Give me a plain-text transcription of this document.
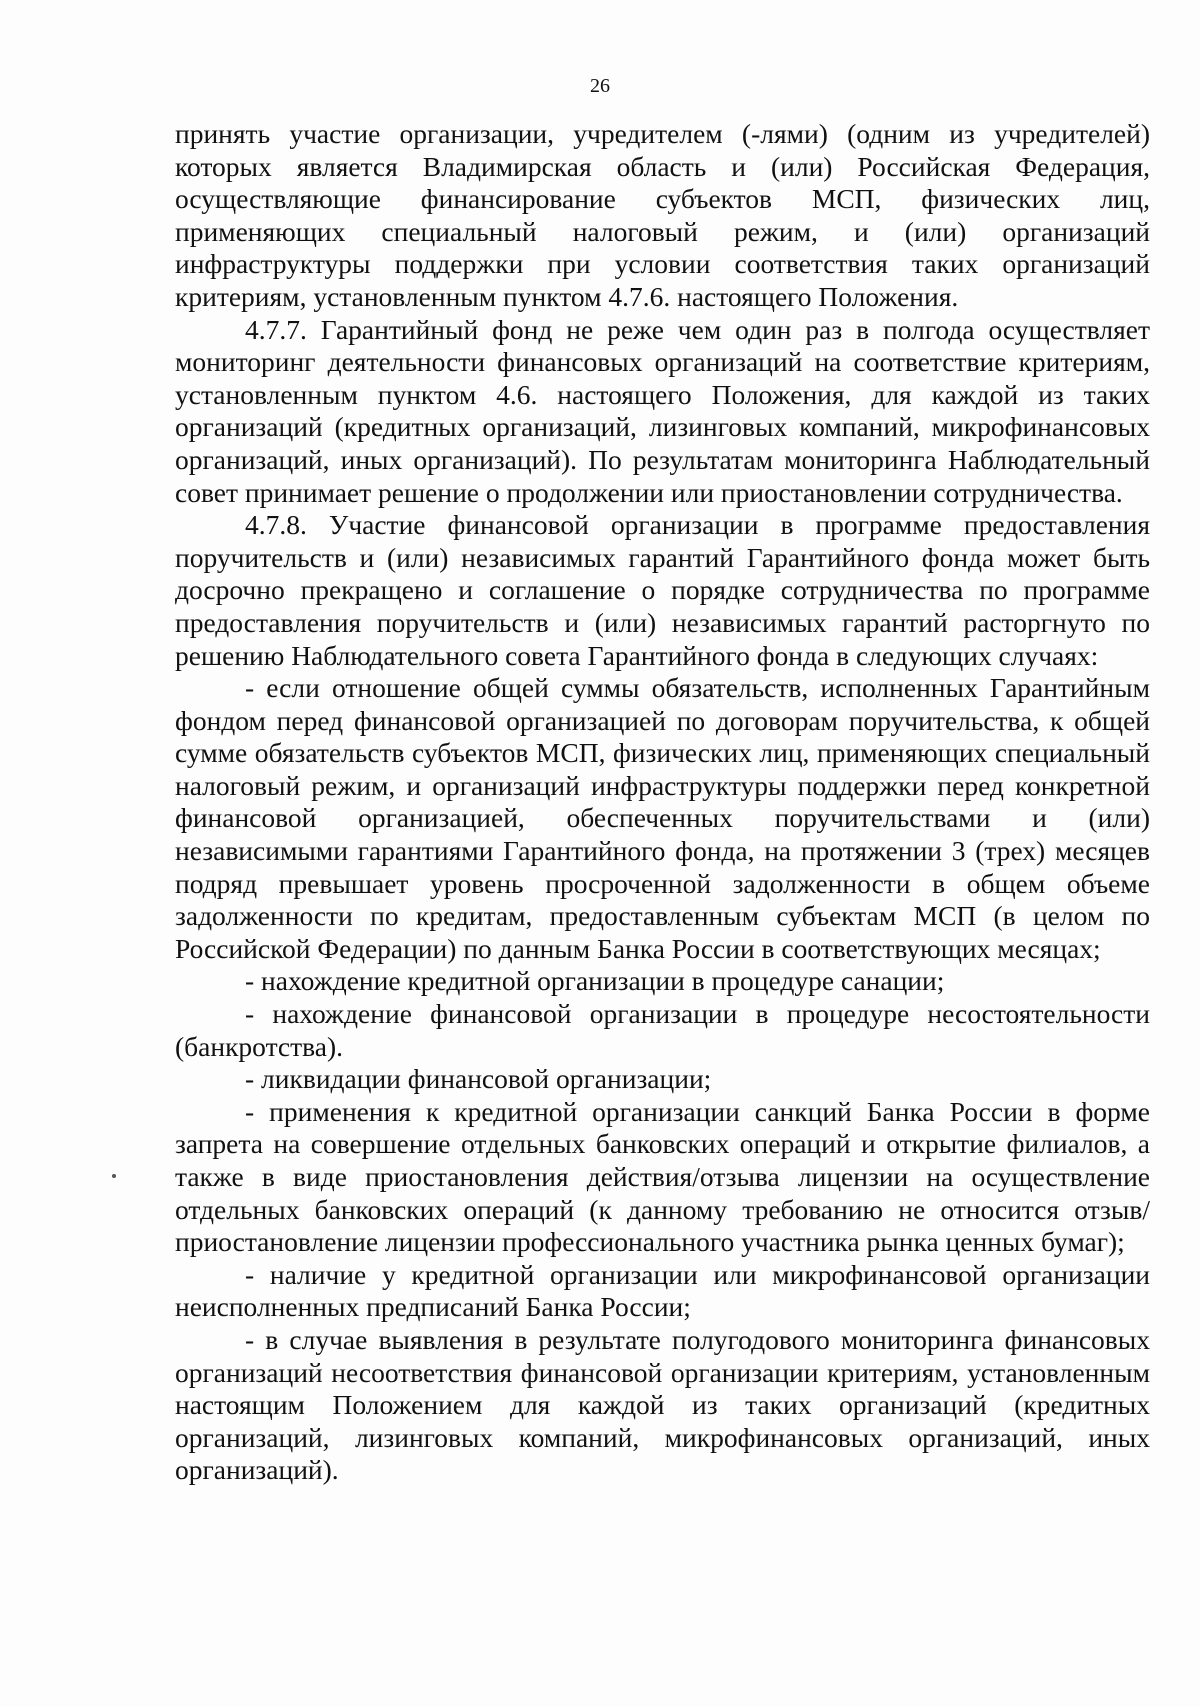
26

принять участие организации, учредителем (-лями) (одним из учредителей) которых является Владимирская область и (или) Российская Федерация, осуществляющие финансирование субъектов МСП, физических лиц, применяющих специальный налоговый режим, и (или) организаций инфраструктуры поддержки при условии соответствия таких организаций критериям, установленным пунктом 4.7.6. настоящего Положения.

4.7.7. Гарантийный фонд не реже чем один раз в полгода осуществляет мониторинг деятельности финансовых организаций на соответствие критериям, установленным пунктом 4.6. настоящего Положения, для каждой из таких организаций (кредитных организаций, лизинговых компаний, микрофинансовых организаций, иных организаций). По результатам мониторинга Наблюдательный совет принимает решение о продолжении или приостановлении сотрудничества.

4.7.8. Участие финансовой организации в программе предоставления поручительств и (или) независимых гарантий Гарантийного фонда может быть досрочно прекращено и соглашение о порядке сотрудничества по программе предоставления поручительств и (или) независимых гарантий расторгнуто по решению Наблюдательного совета Гарантийного фонда в следующих случаях:

- если отношение общей суммы обязательств, исполненных Гарантийным фондом перед финансовой организацией по договорам поручительства, к общей сумме обязательств субъектов МСП, физических лиц, применяющих специальный налоговый режим, и организаций инфраструктуры поддержки перед конкретной финансовой организацией, обеспеченных поручительствами и (или) независимыми гарантиями Гарантийного фонда, на протяжении 3 (трех) месяцев подряд превышает уровень просроченной задолженности в общем объеме задолженности по кредитам, предоставленным субъектам МСП (в целом по Российской Федерации) по данным Банка России в соответствующих месяцах;

- нахождение кредитной организации в процедуре санации;

- нахождение финансовой организации в процедуре несостоятельности (банкротства).

- ликвидации финансовой организации;

- применения к кредитной организации санкций Банка России в форме запрета на совершение отдельных банковских операций и открытие филиалов, а также в виде приостановления действия/отзыва лицензии на осуществление отдельных банковских операций (к данному требованию не относится отзыв/приостановление лицензии профессионального участника рынка ценных бумаг);

- наличие у кредитной организации или микрофинансовой организации неисполненных предписаний Банка России;

- в случае выявления в результате полугодового мониторинга финансовых организаций несоответствия финансовой организации критериям, установленным настоящим Положением для каждой из таких организаций (кредитных организаций, лизинговых компаний, микрофинансовых организаций, иных организаций).
